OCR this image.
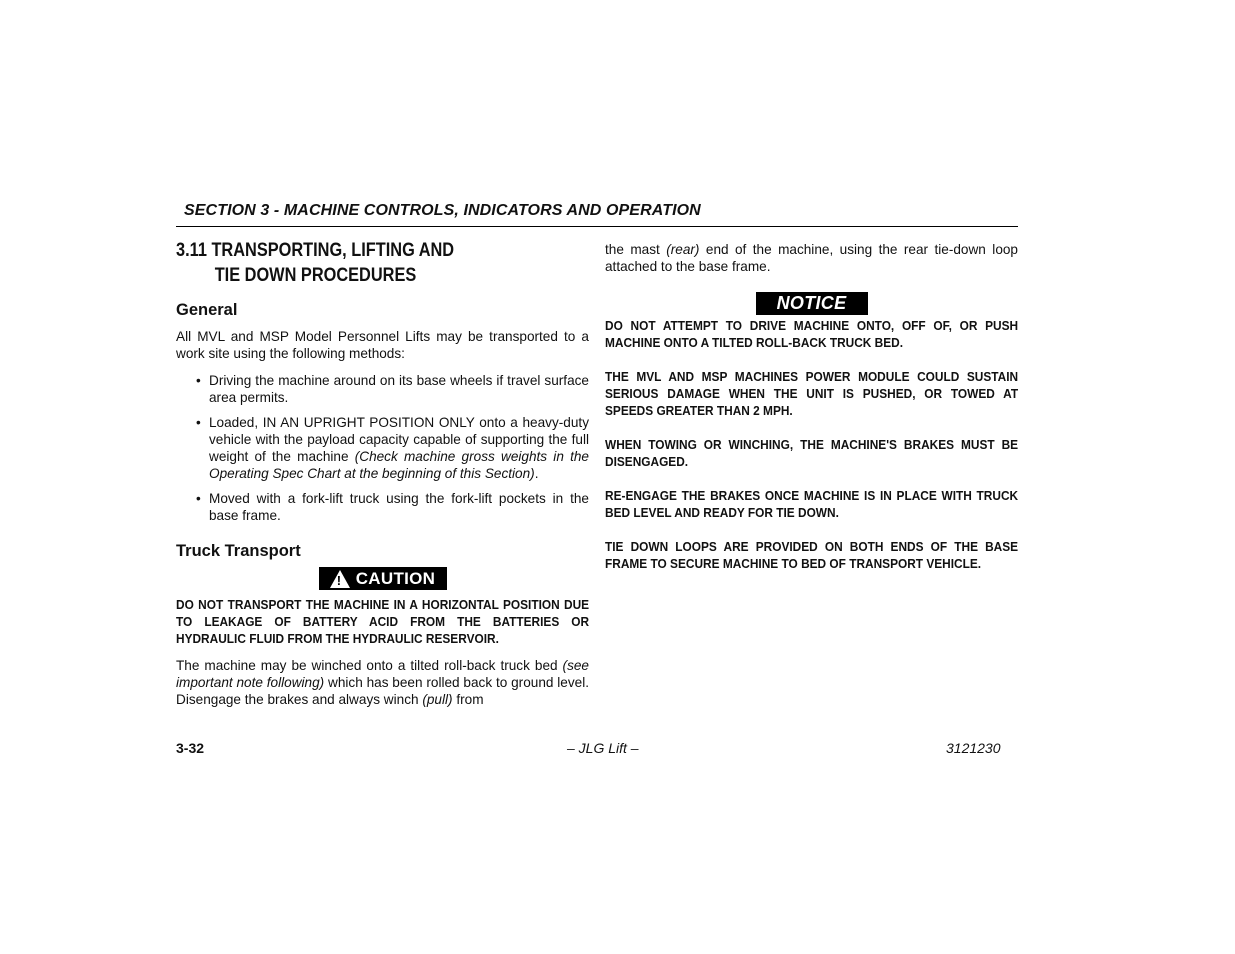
SECTION 3 - MACHINE CONTROLS, INDICATORS AND OPERATION
3.11 TRANSPORTING, LIFTING AND
TIE DOWN PROCEDURES
General

All MVL and MSP Model Personnel Lifts may be transported to a work site using the following methods:

• Driving the machine around on its base wheels if travel surface area permits.
• Loaded, IN AN UPRIGHT POSITION ONLY onto a heavy-duty vehicle with the payload capacity capable of supporting the full weight of the machine (Check machine gross weights in the Operating Spec Chart at the beginning of this Section).
• Moved with a fork-lift truck using the fork-lift pockets in the base frame.
Truck Transport
! CAUTION
DO NOT TRANSPORT THE MACHINE IN A HORIZONTAL POSITION DUE TO LEAKAGE OF BATTERY ACID FROM THE BATTERIES OR HYDRAULIC FLUID FROM THE HYDRAULIC RESERVOIR.

The machine may be winched onto a tilted roll-back truck bed (see important note following) which has been rolled back to ground level. Disengage the brakes and always winch (pull) from

the mast (rear) end of the machine, using the rear tie-down loop attached to the base frame.

NOTICE
DO NOT ATTEMPT TO DRIVE MACHINE ONTO, OFF OF, OR PUSH MACHINE ONTO A TILTED ROLL-BACK TRUCK BED.
THE MVL AND MSP MACHINES POWER MODULE COULD SUSTAIN SERIOUS DAMAGE WHEN THE UNIT IS PUSHED, OR TOWED AT SPEEDS GREATER THAN 2 MPH.
WHEN TOWING OR WINCHING, THE MACHINE'S BRAKES MUST BE DISENGAGED.
RE-ENGAGE THE BRAKES ONCE MACHINE IS IN PLACE WITH TRUCK BED LEVEL AND READY FOR TIE DOWN.
TIE DOWN LOOPS ARE PROVIDED ON BOTH ENDS OF THE BASE FRAME TO SECURE MACHINE TO BED OF TRANSPORT VEHICLE.
3-32	– JLG Lift –	3121230
